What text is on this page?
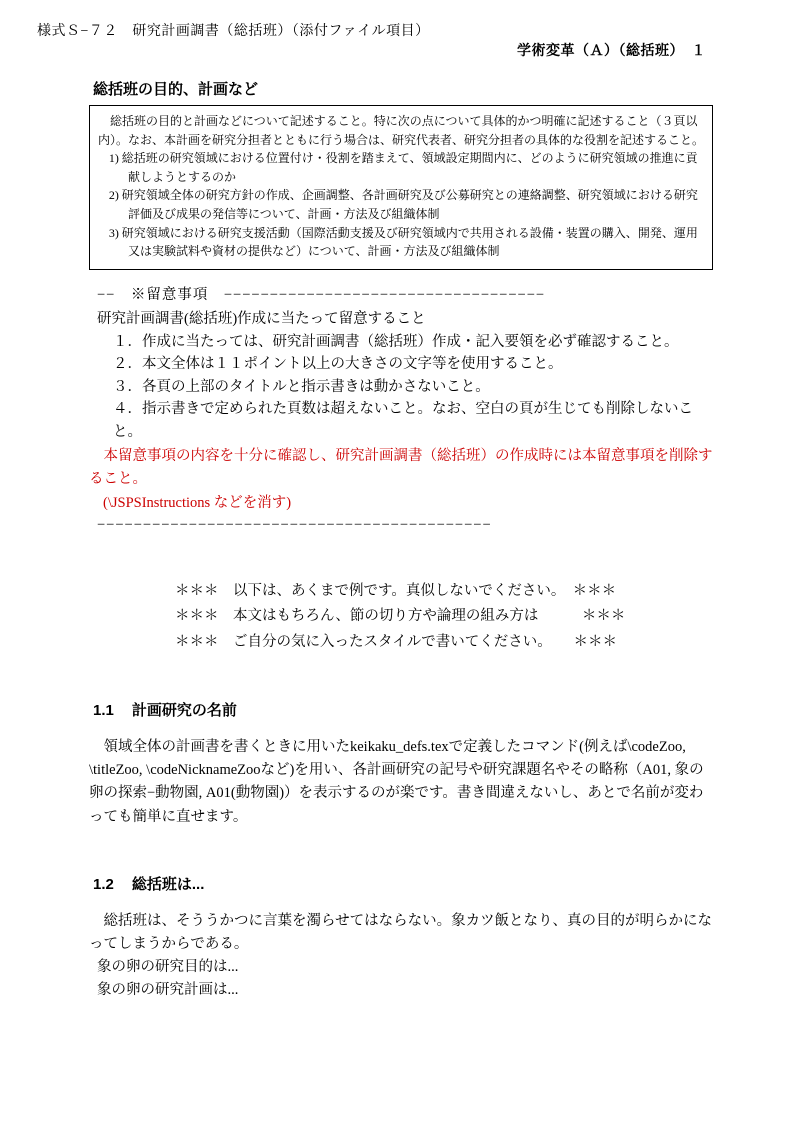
様式Ｓ−７２　研究計画調書（総括班）（添付ファイル項目）
学術変革（Ａ）（総括班）　１
総括班の目的、計画など

総括班の目的と計画などについて記述すること。特に次の点について具体的かつ明確に記述すること（３頁以内）。なお、本計画を研究分担者とともに行う場合は、研究代表者、研究分担者の具体的な役割を記述すること。

1) 総括班の研究領域における位置付け・役割を踏まえて、領域設定期間内に、どのように研究領域の推進に貢献しようとするのか

2) 研究領域全体の研究方針の作成、企画調整、各計画研究及び公募研究との連絡調整、研究領域における研究評価及び成果の発信等について、計画・方法及び組織体制

3) 研究領域における研究支援活動（国際活動支援及び研究領域内で共用される設備・装置の購入、開発、運用又は実験試料や資材の提供など）について、計画・方法及び組織体制

−−　※留意事項　−−−−−−−−−−−−−−−−−−−−−−−−−−−−−−−−−−−

研究計画調書(総括班)作成に当たって留意すること

１．作成に当たっては、研究計画調書（総括班）作成・記入要領を必ず確認すること。

２．本文全体は１１ポイント以上の大きさの文字等を使用すること。

３．各頁の上部のタイトルと指示書きは動かさないこと。

４．指示書きで定められた頁数は超えないこと。なお、空白の頁が生じても削除しないこと。

本留意事項の内容を十分に確認し、研究計画調書（総括班）の作成時には本留意事項を削除すること。

(\JSPSInstructions などを消す)

−−−−−−−−−−−−−−−−−−−−−−−−−−−−−−−−−−−−−−−−−−−

＊＊＊　以下は、あくまで例です。真似しないでください。　＊＊＊

＊＊＊　本文はもちろん、節の切り方や論理の組み方は　　　＊＊＊

＊＊＊　ご自分の気に入ったスタイルで書いてください。　　＊＊＊

1.1 計画研究の名前

領域全体の計画書を書くときに用いたkeikaku_defs.texで定義したコマンド(例えば\codeZoo, \titleZoo, \codeNicknameZooなど)を用い、各計画研究の記号や研究課題名やその略称（A01, 象の卵の探索−動物園, A01(動物園)）を表示するのが楽です。書き間違えないし、あとで名前が変わっても簡単に直せます。

1.2 総括班は...

総括班は、そううかつに言葉を濁らせてはならない。象カツ飯となり、真の目的が明らかになってしまうからである。

象の卵の研究目的は...

象の卵の研究計画は...
